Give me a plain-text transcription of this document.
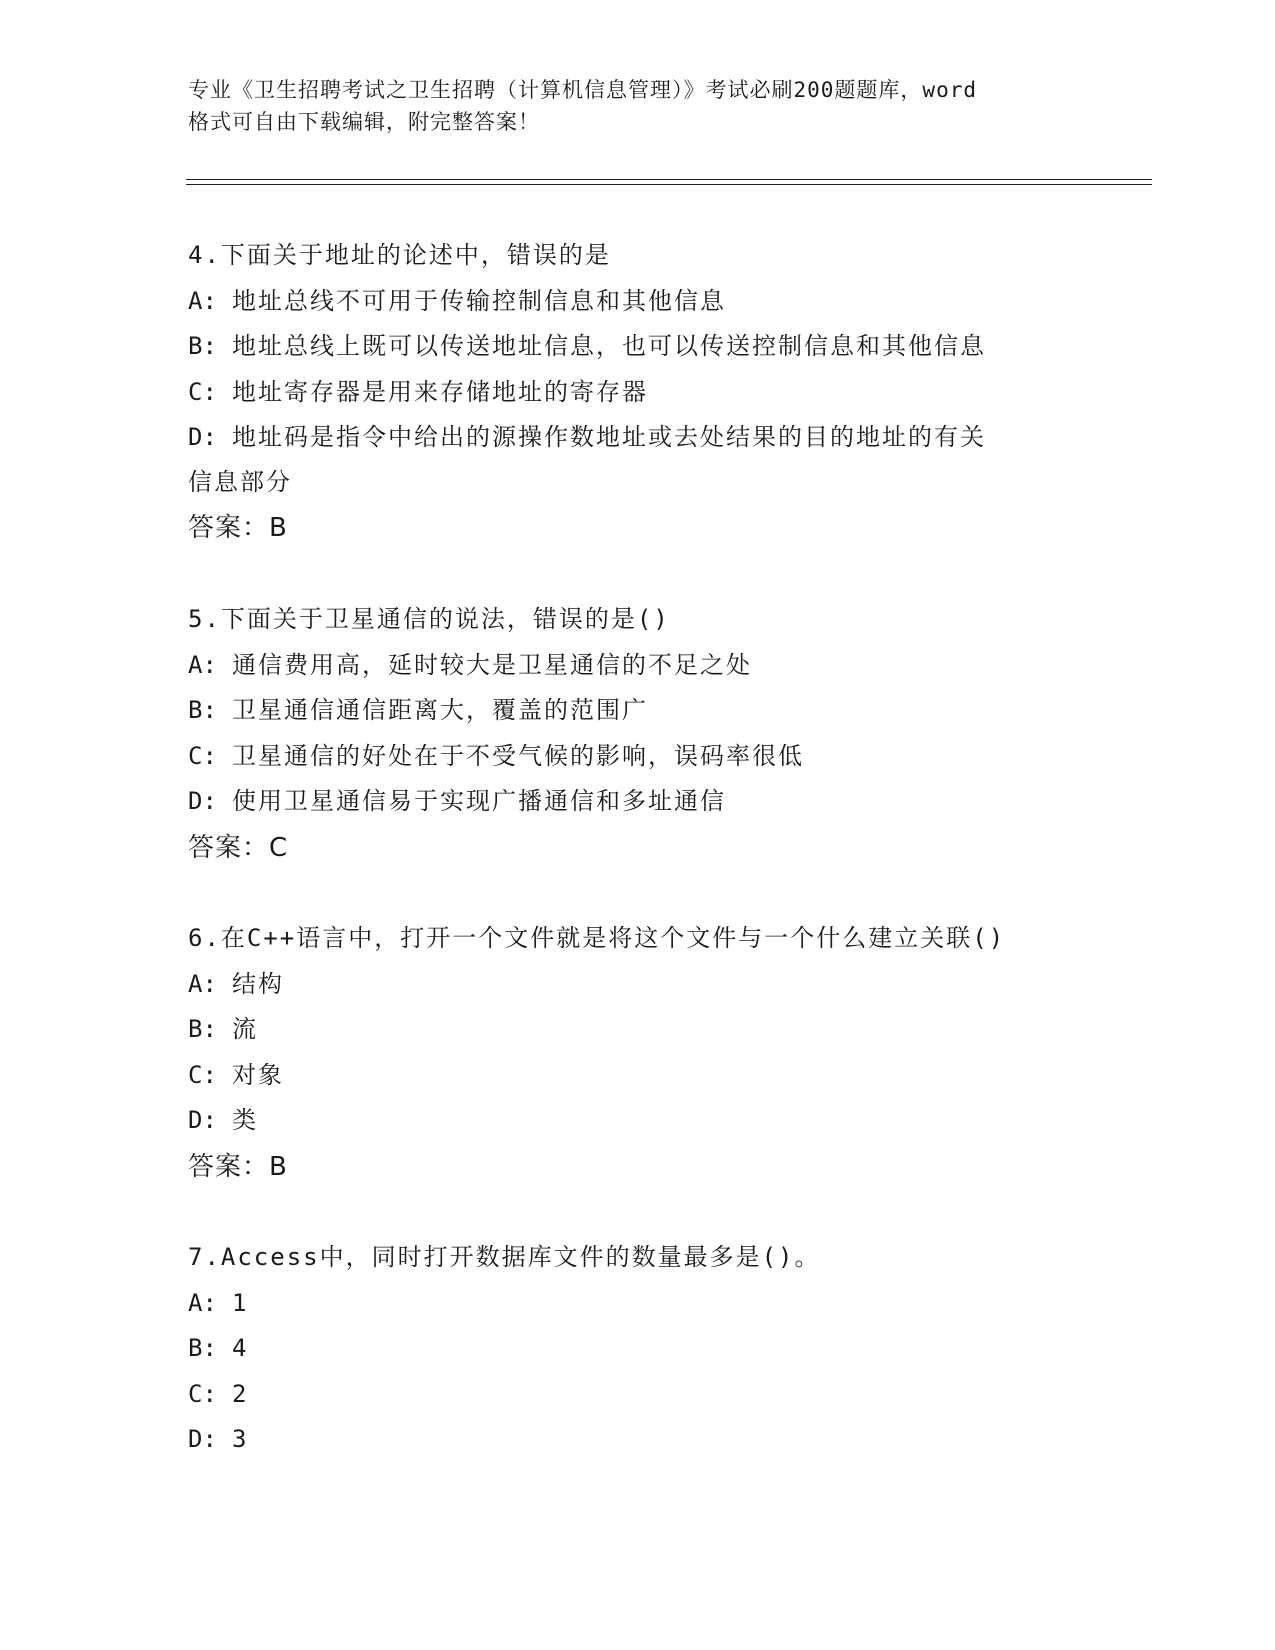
专业《卫生招聘考试之卫生招聘（计算机信息管理）》考试必刷200题题库，word
格式可自由下载编辑，附完整答案！
4.下面关于地址的论述中，错误的是
A: 地址总线不可用于传输控制信息和其他信息
B: 地址总线上既可以传送地址信息，也可以传送控制信息和其他信息
C: 地址寄存器是用来存储地址的寄存器
D: 地址码是指令中给出的源操作数地址或去处结果的目的地址的有关
信息部分
答案：B
5.下面关于卫星通信的说法，错误的是()
A: 通信费用高，延时较大是卫星通信的不足之处
B: 卫星通信通信距离大，覆盖的范围广
C: 卫星通信的好处在于不受气候的影响，误码率很低
D: 使用卫星通信易于实现广播通信和多址通信
答案：C
6.在C++语言中，打开一个文件就是将这个文件与一个什么建立关联()
A: 结构
B: 流
C: 对象
D: 类
答案：B
7.Access中，同时打开数据库文件的数量最多是()。
A: 1
B: 4
C: 2
D: 3
